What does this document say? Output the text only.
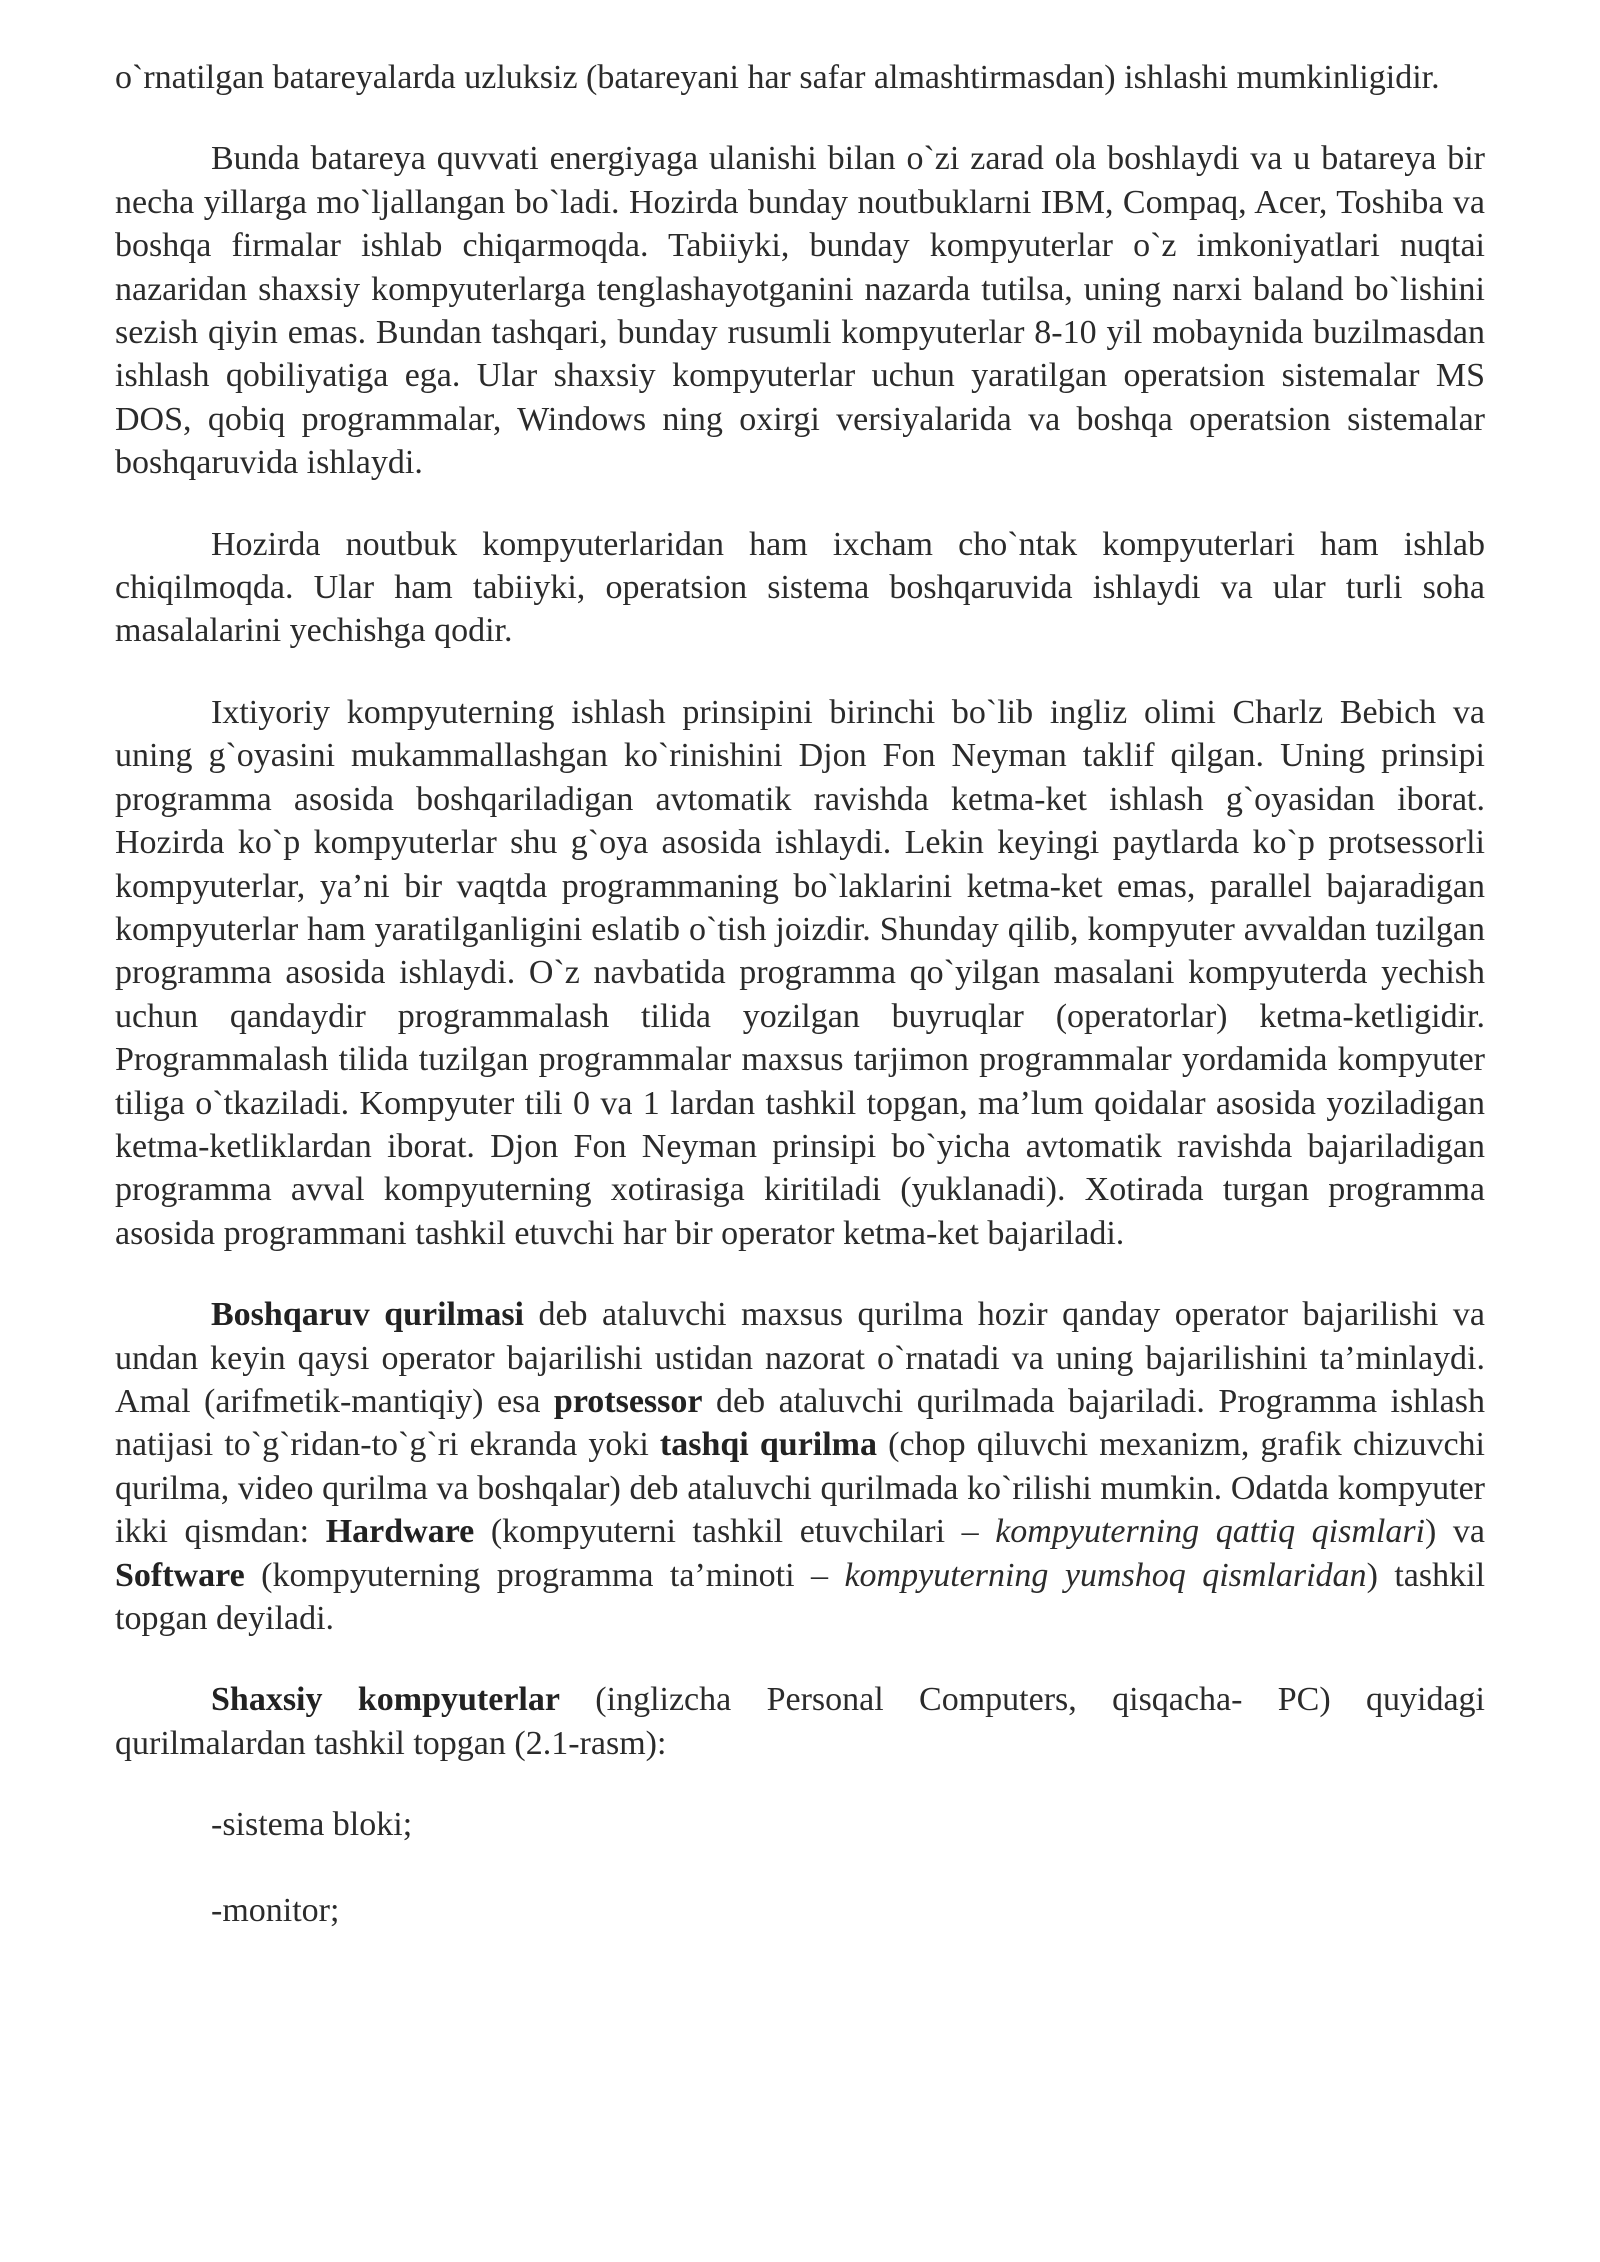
o`rnatilgan batareyalarda uzluksiz (batareyani har safar almashtirmasdan) ishlashi mumkinligidir.

Bunda batareya quvvati energiyaga ulanishi bilan o`zi zarad ola boshlaydi va u batareya bir necha yillarga mo`ljallangan bo`ladi. Hozirda bunday noutbuklarni IBM, Compaq, Acer, Toshiba va boshqa firmalar ishlab chiqarmoqda. Tabiiyki, bunday kompyuterlar o`z imkoniyatlari nuqtai nazaridan shaxsiy kompyuterlarga tenglashayotganini nazarda tutilsa, uning narxi baland bo`lishini sezish qiyin emas. Bundan tashqari, bunday rusumli kompyuterlar 8-10 yil mobaynida buzilmasdan ishlash qobiliyatiga ega. Ular shaxsiy kompyuterlar uchun yaratilgan operatsion sistemalar MS DOS, qobiq programmalar, Windows ning oxirgi versiyalarida va boshqa operatsion sistemalar boshqaruvida ishlaydi.

Hozirda noutbuk kompyuterlaridan ham ixcham cho`ntak kompyuterlari ham ishlab chiqilmoqda. Ular ham tabiiyki, operatsion sistema boshqaruvida ishlaydi va ular turli soha masalalarini yechishga qodir.

Ixtiyoriy kompyuterning ishlash prinsipini birinchi bo`lib ingliz olimi Charlz Bebich va uning g`oyasini mukammallashgan ko`rinishini Djon Fon Neyman taklif qilgan. Uning prinsipi programma asosida boshqariladigan avtomatik ravishda ketma-ket ishlash g`oyasidan iborat. Hozirda ko`p kompyuterlar shu g`oya asosida ishlaydi. Lekin keyingi paytlarda ko`p protsessorli kompyuterlar, ya’ni bir vaqtda programmaning bo`laklarini ketma-ket emas, parallel bajaradigan kompyuterlar ham yaratilganligini eslatib o`tish joizdir. Shunday qilib, kompyuter avvaldan tuzilgan programma asosida ishlaydi. O`z navbatida programma qo`yilgan masalani kompyuterda yechish uchun qandaydir programmalash tilida yozilgan buyruqlar (operatorlar) ketma-ketligidir. Programmalash tilida tuzilgan programmalar maxsus tarjimon programmalar yordamida kompyuter tiliga o`tkaziladi. Kompyuter tili 0 va 1 lardan tashkil topgan, ma’lum qoidalar asosida yoziladigan ketma-ketliklardan iborat. Djon Fon Neyman prinsipi bo`yicha avtomatik ravishda bajariladigan programma avval kompyuterning xotirasiga kiritiladi (yuklanadi). Xotirada turgan programma asosida programmani tashkil etuvchi har bir operator ketma-ket bajariladi.

Boshqaruv qurilmasi deb ataluvchi maxsus qurilma hozir qanday operator bajarilishi va undan keyin qaysi operator bajarilishi ustidan nazorat o`rnatadi va uning bajarilishini ta’minlaydi. Amal (arifmetik-mantiqiy) esa protsessor deb ataluvchi qurilmada bajariladi. Programma ishlash natijasi to`g`ridan-to`g`ri ekranda yoki tashqi qurilma (chop qiluvchi mexanizm, grafik chizuvchi qurilma, video qurilma va boshqalar) deb ataluvchi qurilmada ko`rilishi mumkin. Odatda kompyuter ikki qismdan: Hardware (kompyuterni tashkil etuvchilari – kompyuterning qattiq qismlari) va Software (kompyuterning programma ta’minoti – kompyuterning yumshoq qismlaridan) tashkil topgan deyiladi.

Shaxsiy kompyuterlar (inglizcha Personal Computers, qisqacha- PC) quyidagi qurilmalardan tashkil topgan (2.1-rasm):

-sistema bloki;

-monitor;
